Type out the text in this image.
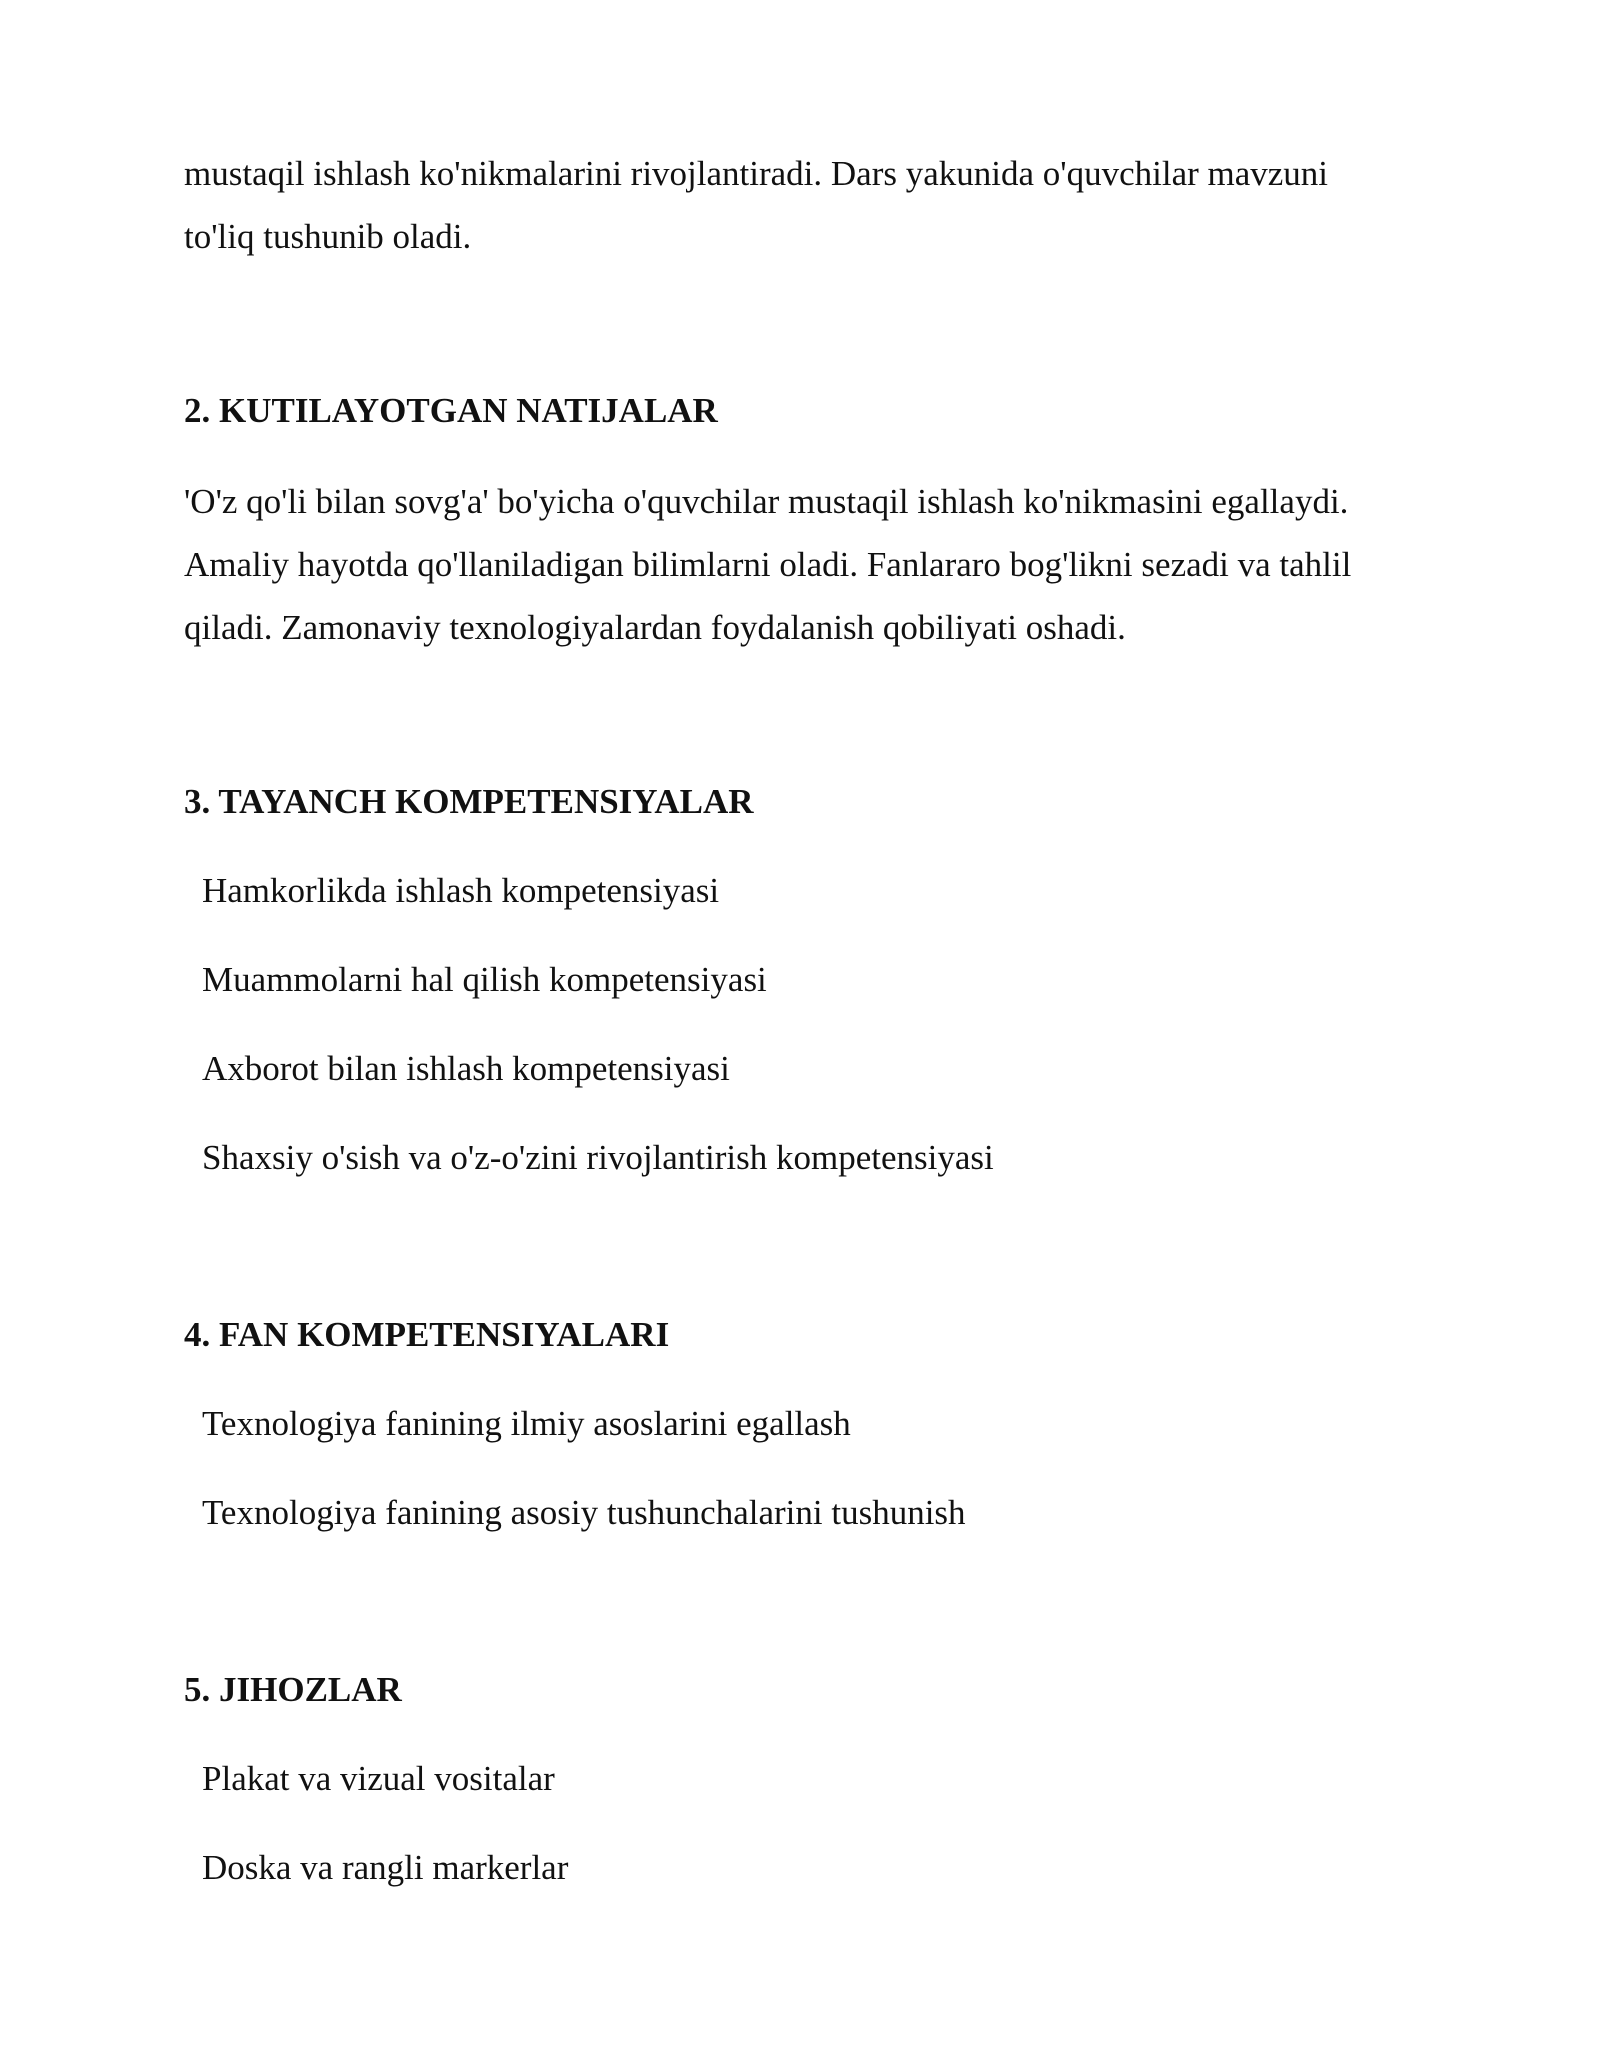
mustaqil ishlash ko'nikmalarini rivojlantiradi. Dars yakunida o'quvchilar mavzuni

to'liq tushunib oladi.

2. KUTILAYOTGAN NATIJALAR

'O'z qo'li bilan sovg'a' bo'yicha o'quvchilar mustaqil ishlash ko'nikmasini egallaydi.

Amaliy hayotda qo'llaniladigan bilimlarni oladi. Fanlararo bog'likni sezadi va tahlil

qiladi. Zamonaviy texnologiyalardan foydalanish qobiliyati oshadi.

3. TAYANCH KOMPETENSIYALAR

Hamkorlikda ishlash kompetensiyasi

Muammolarni hal qilish kompetensiyasi

Axborot bilan ishlash kompetensiyasi

Shaxsiy o'sish va o'z-o'zini rivojlantirish kompetensiyasi

4. FAN KOMPETENSIYALARI

Texnologiya fanining ilmiy asoslarini egallash

Texnologiya fanining asosiy tushunchalarini tushunish

5. JIHOZLAR

Plakat va vizual vositalar

Doska va rangli markerlar
